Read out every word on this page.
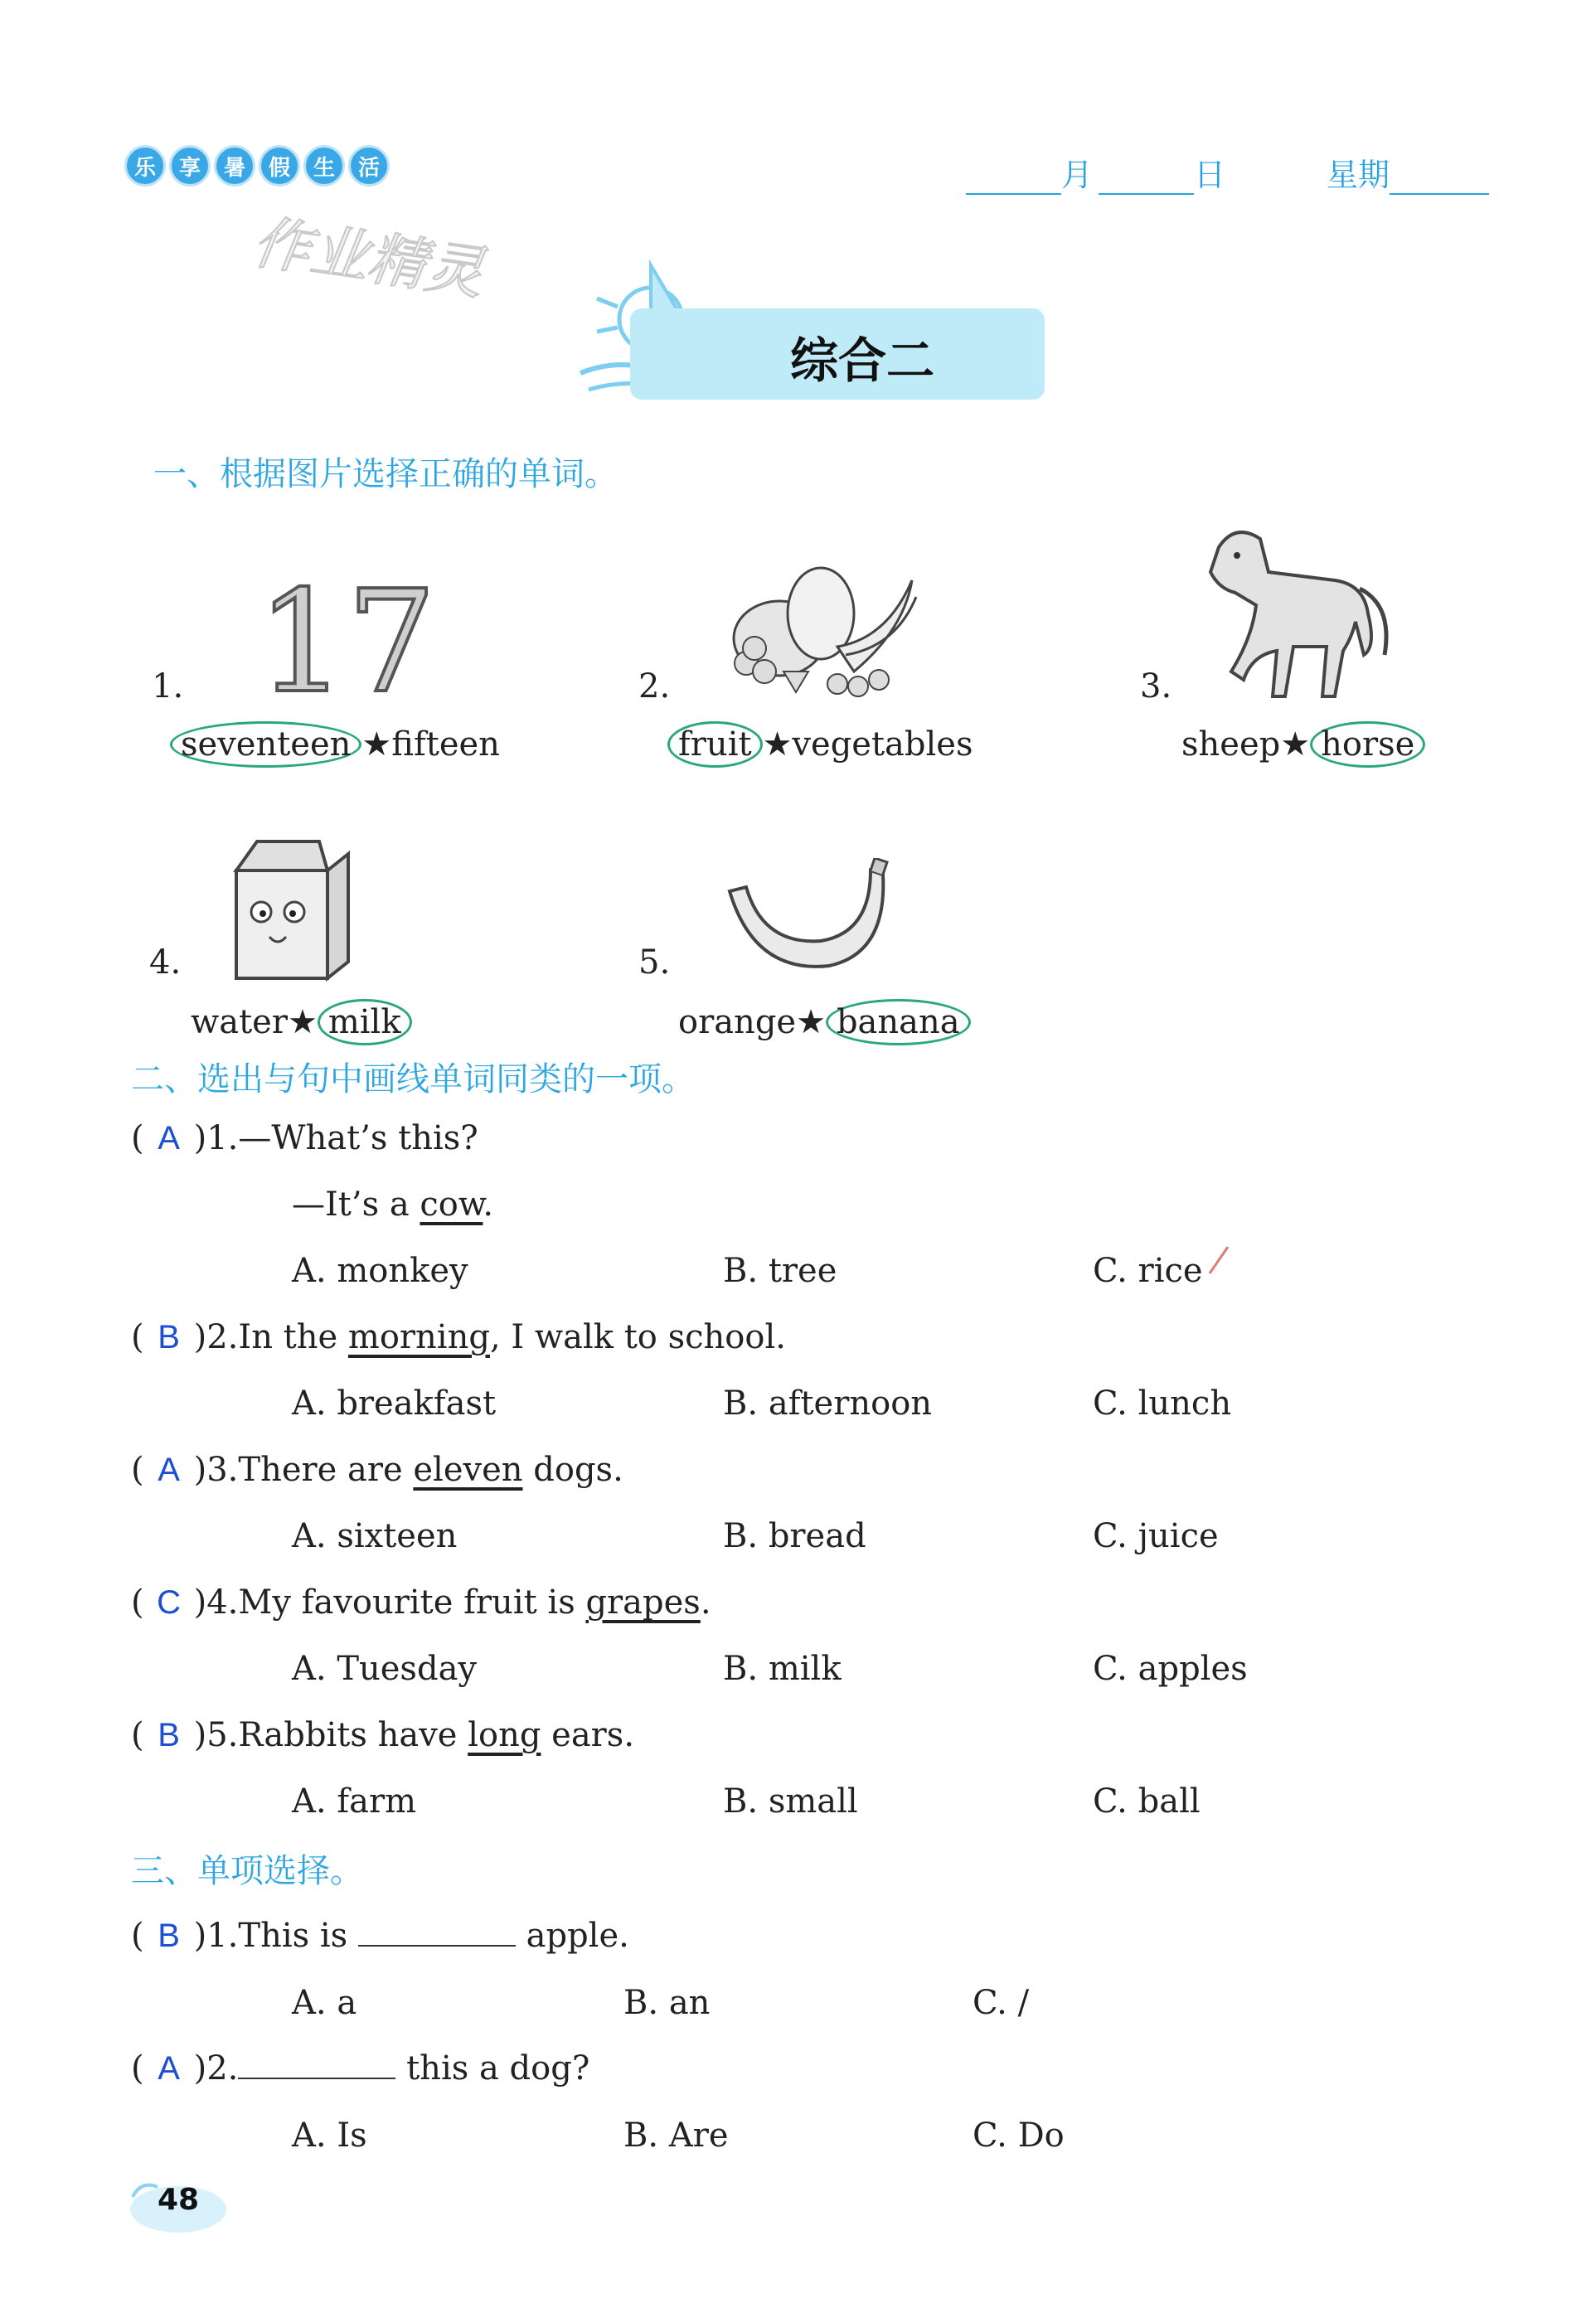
乐	享	暑	假	生	活	月	日	星期
作业精灵
综合二
一、根据图片选择正确的单词。
1. 17
seventeen ★fifteen
2.
fruit ★vegetables
3.
sheep★ horse
4.
water★ milk
5.
orange★ banana
二、选出与句中画线单词同类的一项。
( A )1.—What’s this?
—It’s a cow.
A. monkey	B. tree	C. rice
( B )2.In the morning, I walk to school.
A. breakfast	B. afternoon	C. lunch
( A )3.There are eleven dogs.
A. sixteen	B. bread	C. juice
( C )4.My favourite fruit is grapes.
A. Tuesday	B. milk	C. apples
( B )5.Rabbits have long ears.
A. farm	B. small	C. ball
三、单项选择。
( B )1.This is	apple.
A. a	B. an	C. /
( A )2.	this a dog?
A. Is	B. Are	C. Do
48
